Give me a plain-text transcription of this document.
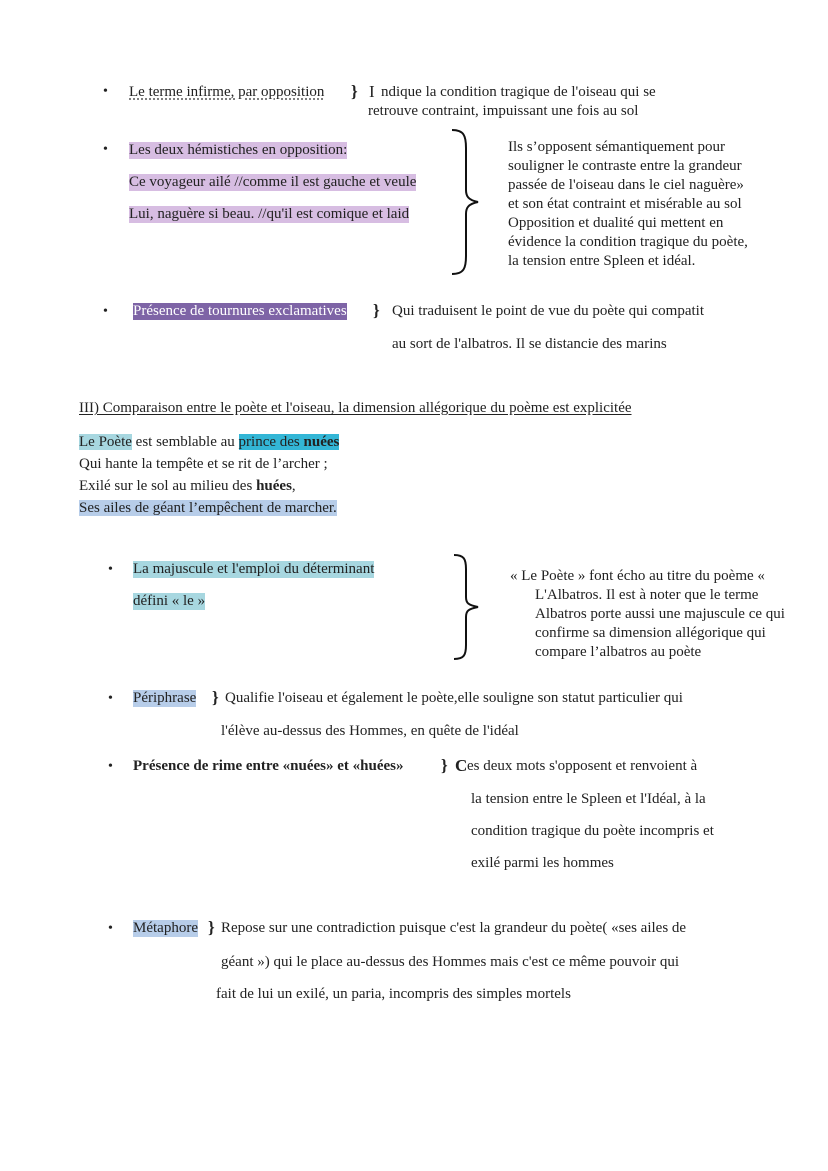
• Le terme infirme, par opposition } I ndique la condition tragique de l'oiseau qui se
retrouve contraint, impuissant une fois au sol
• Les deux hémistiches en opposition:
Ce voyageur ailé //comme il est gauche et veule
Lui, naguère si beau. //qu'il est comique et laid
Ils s’opposent sémantiquement pour
souligner le contraste entre la grandeur
passée de l'oiseau dans le ciel naguère»
et son état contraint et misérable au sol
Opposition et dualité qui mettent en
évidence la condition tragique du poète,
la tension entre Spleen et idéal.
• Présence de tournures exclamatives } Qui traduisent le point de vue du poète qui compatit
au sort de l'albatros. Il se distancie des marins
III) Comparaison entre le poète et l'oiseau, la dimension allégorique du poème est explicitée
Le Poète est semblable au prince des nuées
Qui hante la tempête et se rit de l’archer ;
Exilé sur le sol au milieu des huées,
Ses ailes de géant l’empêchent de marcher.
• La majuscule et l'emploi du déterminant
défini « le »
« Le Poète » font écho au titre du poème «
L'Albatros. Il est à noter que le terme
Albatros porte aussi une majuscule ce qui
confirme sa dimension allégorique qui
compare l’albatros au poète
• Périphrase } Qualifie l'oiseau et également le poète,elle souligne son statut particulier qui
l'élève au-dessus des Hommes, en quête de l'idéal
• Présence de rime entre «nuées» et «huées» } C es deux mots s'opposent et renvoient à
la tension entre le Spleen et l'Idéal, à la
condition tragique du poète incompris et
exilé parmi les hommes
• Métaphore } Repose sur une contradiction puisque c'est la grandeur du poète( «ses ailes de
géant ») qui le place au-dessus des Hommes mais c'est ce même pouvoir qui
fait de lui un exilé, un paria, incompris des simples mortels
